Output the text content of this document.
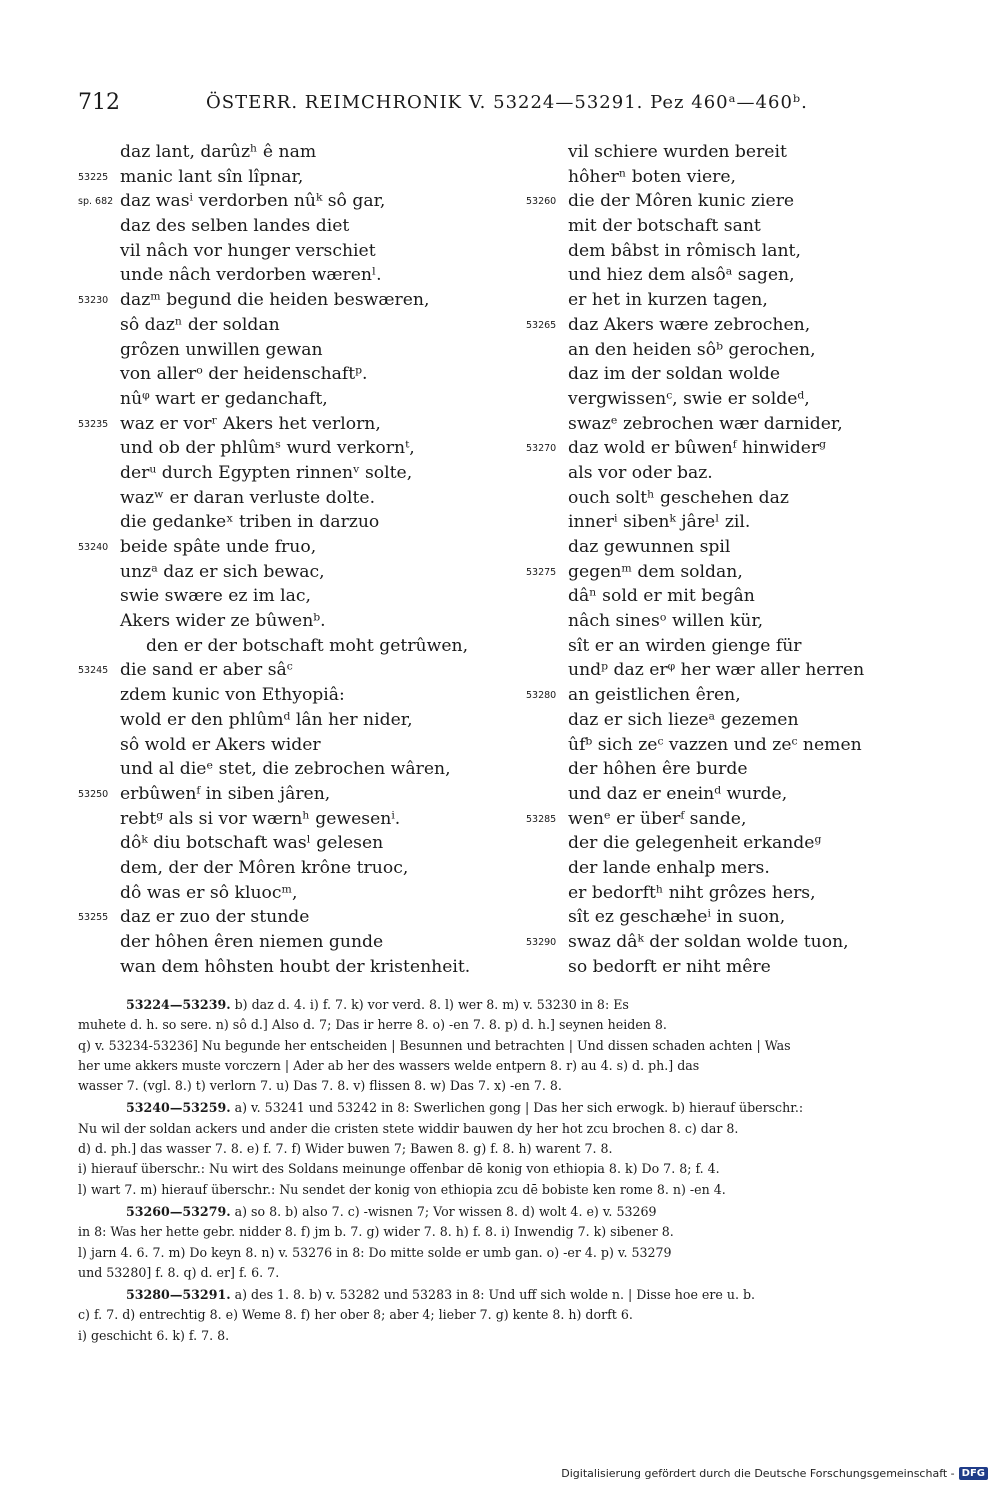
712	ÖSTERR. REIMCHRONIK V. 53224—53291. Pez 460ᵃ—460ᵇ.
daz lant, darûzʰ ê nam
53225 manic lant sîn lîpnar,
sp. 682 daz wasⁱ verdorben nûᵏ sô gar,
daz des selben landes diet
vil nâch vor hunger verschiet
unde nâch verdorben wærenˡ.
53230 dazᵐ begund die heiden beswæren,
sô dazⁿ der soldan
grôzen unwillen gewan
von allerᵒ der heidenschaftᵖ.
nûᵠ wart er gedanchaft,
53235 waz er vorʳ Akers het verlorn,
und ob der phlûmˢ wurd verkornᵗ,
derᵘ durch Egypten rinnenᵛ solte,
wazʷ er daran verluste dolte.
die gedankeˣ triben in darzuo
53240 beide spâte unde fruo,
unzᵃ daz er sich bewac,
swie swære ez im lac,
Akers wider ze bûwenᵇ.
den er der botschaft moht getrûwen,
53245 die sand er aber sâᶜ
zdem kunic von Ethyopiâ:
wold er den phlûmᵈ lân her nider,
sô wold er Akers wider
und al dieᵉ stet, die zebrochen wâren,
53250 erbûwenᶠ in siben jâren,
rebtᵍ als si vor wærnʰ gewesenⁱ.
dôᵏ diu botschaft wasˡ gelesen
dem, der der Môren krône truoc,
dô was er sô kluocᵐ,
53255 daz er zuo der stunde
der hôhen êren niemen gunde
wan dem hôhsten houbt der kristenheit.
vil schiere wurden bereit
hôherⁿ boten viere,
53260 die der Môren kunic ziere
mit der botschaft sant
dem bâbst in rômisch lant,
und hiez dem alsôᵃ sagen,
er het in kurzen tagen,
53265 daz Akers wære zebrochen,
an den heiden sôᵇ gerochen,
daz im der soldan wolde
vergwissenᶜ, swie er soldeᵈ,
swazᵉ zebrochen wær darnider,
53270 daz wold er bûwenᶠ hinwiderᵍ
als vor oder baz.
ouch soltʰ geschehen daz
innerⁱ sibenᵏ jâreˡ zil.
daz gewunnen spil
53275 gegenᵐ dem soldan,
dâⁿ sold er mit begân
nâch sinesᵒ willen kür,
sît er an wirden gienge für
undᵖ daz erᵠ her wær aller herren
53280 an geistlichen êren,
daz er sich liezeᵃ gezemen
ûfᵇ sich zeᶜ vazzen und zeᶜ nemen
der hôhen êre burde
und daz er eneinᵈ wurde,
53285 wenᵉ er überᶠ sande,
der die gelegenheit erkandeᵍ
der lande enhalp mers.
er bedorftʰ niht grôzes hers,
sît ez geschæheⁱ in suon,
53290 swaz dâᵏ der soldan wolde tuon,
so bedorft er niht mêre
53224—53239. b) daz d. 4. i) f. 7. k) vor verd. 8. l) wer 8. m) v. 53230 in 8: Es
muhete d. h. so sere. n) sô d.] Also d. 7; Das ir herre 8. o) -en 7. 8. p) d. h.] seynen heiden 8.
q) v. 53234-53236] Nu begunde her entscheiden | Besunnen und betrachten | Und dissen schaden achten | Was
her ume akkers muste vorczern | Ader ab her des wassers welde entpern 8. r) au 4. s) d. ph.] das
wasser 7. (vgl. 8.) t) verlorn 7. u) Das 7. 8. v) flissen 8. w) Das 7. x) -en 7. 8.
53240—53259. a) v. 53241 und 53242 in 8: Swerlichen gong | Das her sich erwogk. b) hierauf überschr.:
Nu wil der soldan ackers und ander die cristen stete widdir bauwen dy her hot zcu brochen 8. c) dar 8.
d) d. ph.] das wasser 7. 8. e) f. 7. f) Wider buwen 7; Bawen 8. g) f. 8. h) warent 7. 8.
i) hierauf überschr.: Nu wirt des Soldans meinunge offenbar dē konig von ethiopia 8. k) Do 7. 8; f. 4.
l) wart 7. m) hierauf überschr.: Nu sendet der konig von ethiopia zcu dē bobiste ken rome 8. n) -en 4.
53260—53279. a) so 8. b) also 7. c) -wisnen 7; Vor wissen 8. d) wolt 4. e) v. 53269
in 8: Was her hette gebr. nidder 8. f) jm b. 7. g) wider 7. 8. h) f. 8. i) Inwendig 7. k) sibener 8.
l) jarn 4. 6. 7. m) Do keyn 8. n) v. 53276 in 8: Do mitte solde er umb gan. o) -er 4. p) v. 53279
und 53280] f. 8. q) d. er] f. 6. 7.
53280—53291. a) des 1. 8. b) v. 53282 und 53283 in 8: Und uff sich wolde n. | Disse hoe ere u. b.
c) f. 7. d) entrechtig 8. e) Weme 8. f) her ober 8; aber 4; lieber 7. g) kente 8. h) dorft 6.
i) geschicht 6. k) f. 7. 8.
Digitalisierung gefördert durch die Deutsche Forschungsgemeinschaft - DFG
